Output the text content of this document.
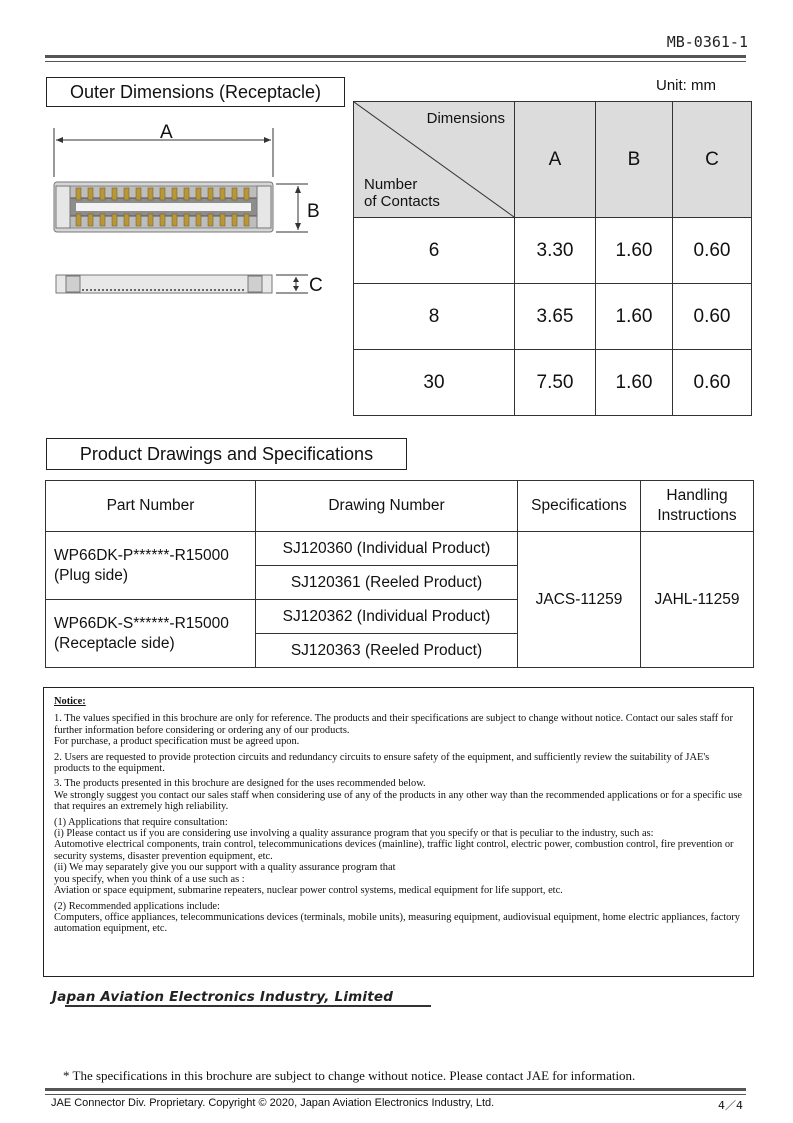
MB-0361-1
Outer Dimensions (Receptacle)	Unit: mm
A
B
C
Dimensions
Number
of Contacts	A	B	C
6	3.30	1.60	0.60
8	3.65	1.60	0.60
30	7.50	1.60	0.60
Product Drawings and Specifications
Part Number	Drawing Number	Specifications	Handling
Instructions
WP66DK-P******-R15000
(Plug side)	SJ120360 (Individual Product)	JACS-11259	JAHL-11259
	SJ120361 (Reeled Product)		
WP66DK-S******-R15000
(Receptacle side)	SJ120362 (Individual Product)		
	SJ120363 (Reeled Product)		
Notice:

1. The values specified in this brochure are only for reference. The products and their specifications are subject to change without notice. Contact our sales staff for further information before considering or ordering any of our products.
For purchase, a product specification must be agreed upon.

2. Users are requested to provide protection circuits and redundancy circuits to ensure safety of the equipment, and sufficiently review the suitability of JAE's products to the equipment.

3. The products presented in this brochure are designed for the uses recommended below.
We strongly suggest you contact our sales staff when considering use of any of the products in any other way than the recommended applications or for a specific use that requires an extremely high reliability.

(1) Applications that require consultation:
(i) Please contact us if you are considering use involving a quality assurance program that you specify or that is peculiar to the industry, such as:
Automotive electrical components, train control, telecommunications devices (mainline), traffic light control, electric power, combustion control, fire prevention or security systems, disaster prevention equipment, etc.
(ii) We may separately give you our support with a quality assurance program that
you specify, when you think of a use such as :
Aviation or space equipment, submarine repeaters, nuclear power control systems, medical equipment for life support, etc.

(2) Recommended applications include:
Computers, office appliances, telecommunications devices (terminals, mobile units), measuring equipment, audiovisual equipment, home electric appliances, factory automation equipment, etc.

Japan Aviation Electronics Industry, Limited
* The specifications in this brochure are subject to change without notice. Please contact JAE for information.
JAE Connector Div. Proprietary. Copyright © 2020, Japan Aviation Electronics Industry, Ltd.	4／4
